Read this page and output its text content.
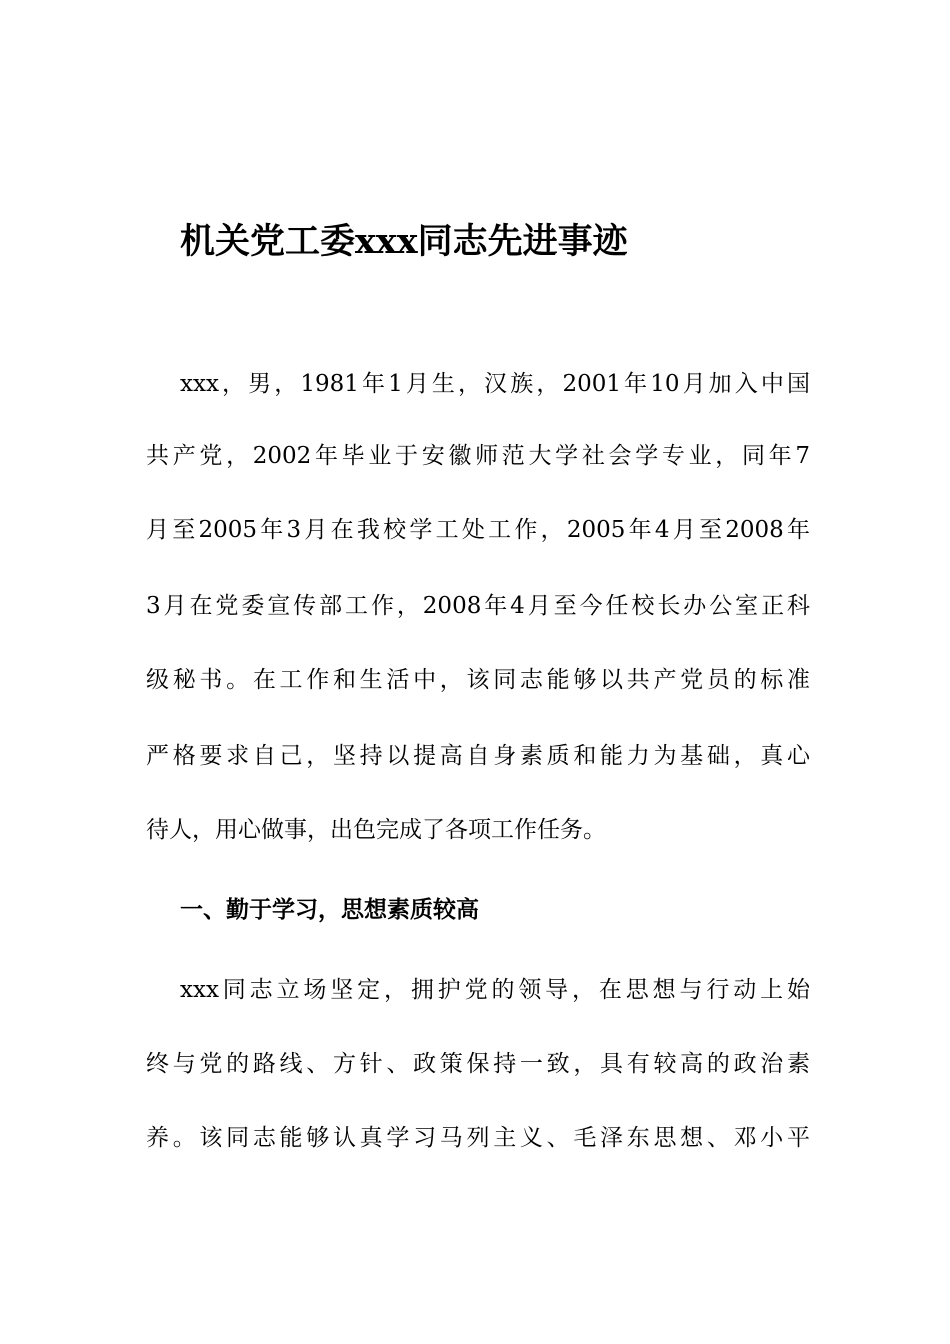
机关党工委xxx同志先进事迹

xxx，男，1981年1月生，汉族，2001年10月加入中国

共产党，2002年毕业于安徽师范大学社会学专业，同年7

月至2005年3月在我校学工处工作，2005年4月至2008年

3月在党委宣传部工作，2008年4月至今任校长办公室正科

级秘书。在工作和生活中，该同志能够以共产党员的标准

严格要求自己，坚持以提高自身素质和能力为基础，真心

待人，用心做事，出色完成了各项工作任务。

一、勤于学习，思想素质较高

xxx同志立场坚定，拥护党的领导，在思想与行动上始

终与党的路线、方针、政策保持一致，具有较高的政治素

养。该同志能够认真学习马列主义、毛泽东思想、邓小平
